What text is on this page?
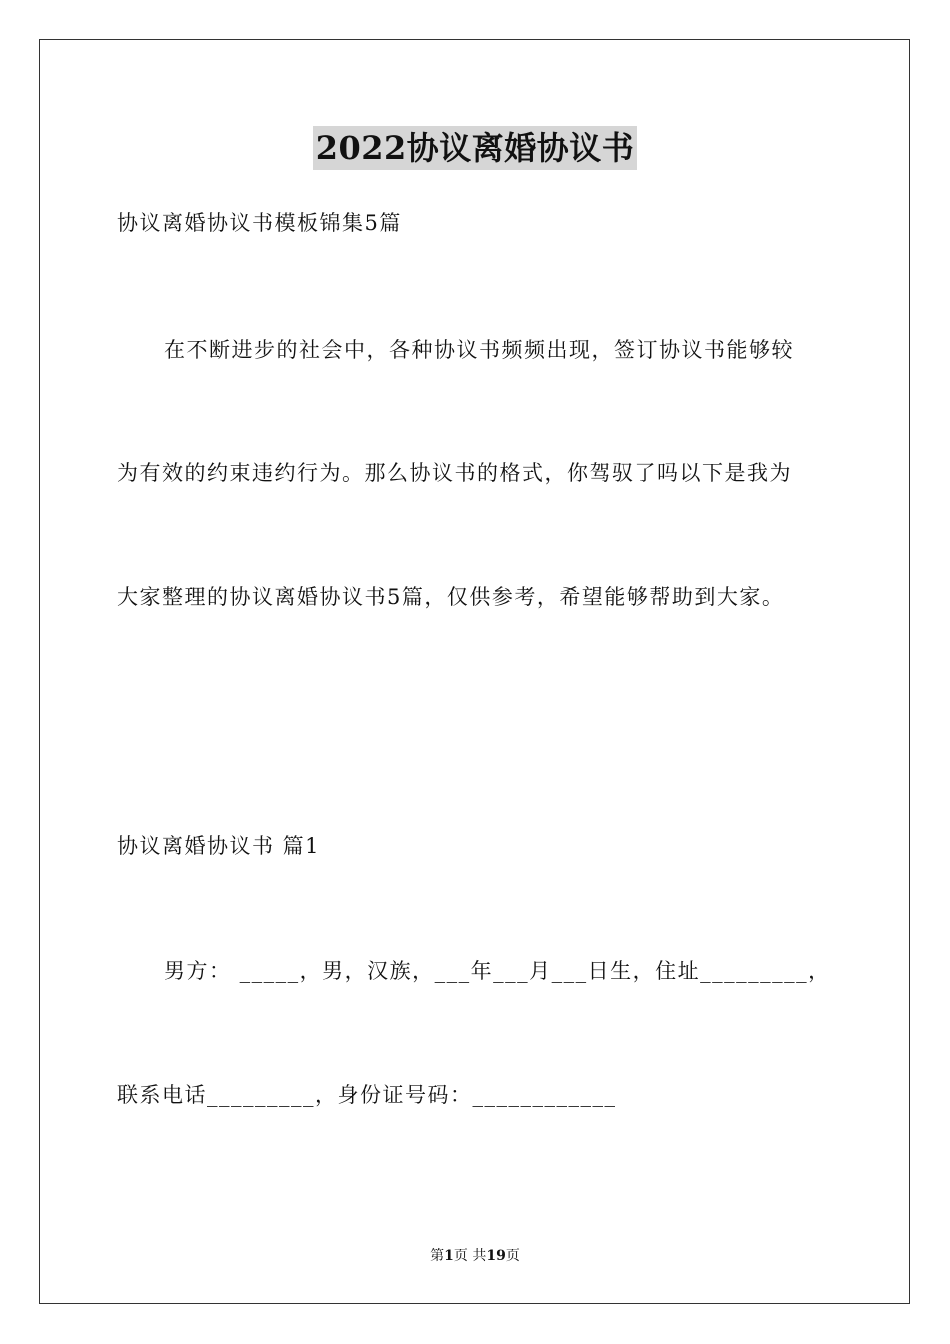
2022协议离婚协议书
协议离婚协议书模板锦集5篇
在不断进步的社会中，各种协议书频频出现，签订协议书能够较
为有效的约束违约行为。那么协议书的格式，你驾驭了吗以下是我为
大家整理的协议离婚协议书5篇，仅供参考，希望能够帮助到大家。
协议离婚协议书 篇1
男方： _____，男，汉族，___年___月___日生，住址_________，
联系电话_________，身份证号码：____________
第1页 共19页
